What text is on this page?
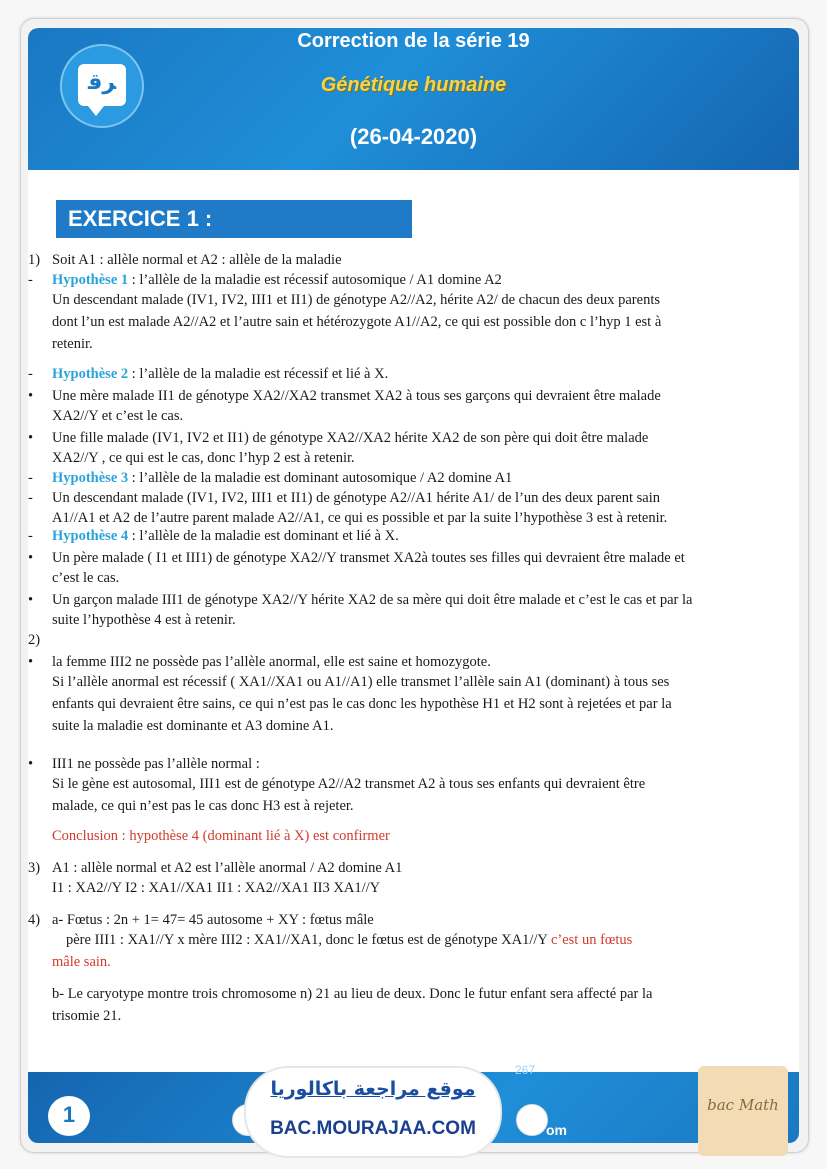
ﺮﻗ
Correction de la série 19
Génétique humaine
(26-04-2020)
EXERCICE 1 :
1) Soit A1 : allèle normal et A2 : allèle de la maladie
-	Hypothèse 1 : l’allèle de la maladie est récessif autosomique / A1 domine A2
Un descendant malade (IV1, IV2, III1 et II1) de génotype A2//A2, hérite A2/ de chacun des deux parents
dont l’un est malade A2//A2 et l’autre sain et hétérozygote A1//A2, ce qui est possible don c l’hyp 1 est à
retenir.
-	Hypothèse 2 : l’allèle de la maladie est récessif et lié à X.
•	Une mère malade II1 de génotype XA2//XA2 transmet XA2 à tous ses garçons qui devraient être malade
XA2//Y et c’est le cas.
•	Une fille malade (IV1, IV2 et II1) de génotype XA2//XA2 hérite XA2 de son père qui doit être malade
XA2//Y , ce qui est le cas, donc l’hyp 2 est à retenir.
-	Hypothèse 3 : l’allèle de la maladie est dominant autosomique / A2 domine A1
-	Un descendant malade (IV1, IV2, III1 et II1) de génotype A2//A1 hérite A1/ de l’un des deux parent sain
A1//A1 et A2 de l’autre parent malade A2//A1, ce qui es possible et par la suite l’hypothèse 3 est à retenir.
-	Hypothèse 4 : l’allèle de la maladie est dominant et lié à X.
•	Un père malade ( I1 et III1) de génotype XA2//Y transmet XA2à toutes ses filles qui devraient être malade et
c’est le cas.
•	Un garçon malade III1 de génotype XA2//Y hérite XA2 de sa mère qui doit être malade et c’est le cas et par la
suite l’hypothèse 4 est à retenir.
2)
•	la femme III2 ne possède pas l’allèle anormal, elle est saine et homozygote.
Si l’allèle anormal est récessif ( XA1//XA1 ou A1//A1) elle transmet l’allèle sain A1 (dominant) à tous ses
enfants qui devraient être sains, ce qui n’est pas le cas donc les hypothèse H1 et H2 sont à rejetées et par la
suite la maladie est dominante et A3 domine A1.
•	III1 ne possède pas l’allèle normal :
Si le gène est autosomal, III1 est de génotype A2//A2 transmet A2 à tous ses enfants qui devraient être
malade, ce qui n’est pas le cas donc H3 est à rejeter.
Conclusion : hypothèse 4 (dominant lié à X) est confirmer
3) A1 : allèle normal et A2 est l’allèle anormal / A2 domine A1
I1 : XA2//Y I2 : XA1//XA1 II1 : XA2//XA1 II3 XA1//Y
4) a- Fœtus : 2n + 1= 47= 45 autosome + XY : fœtus mâle
père III1 : XA1//Y x mère III2 : XA1//XA1, donc le fœtus est de génotype XA1//Y c’est un fœtus
mâle sain.
b- Le caryotype montre trois chromosome n) 21 au lieu de deux. Donc le futur enfant sera affecté par la
trisomie 21.
1
267
om
موقع مراجعة باكالوريا
BAC.MOURAJAA.COM
bac Math
